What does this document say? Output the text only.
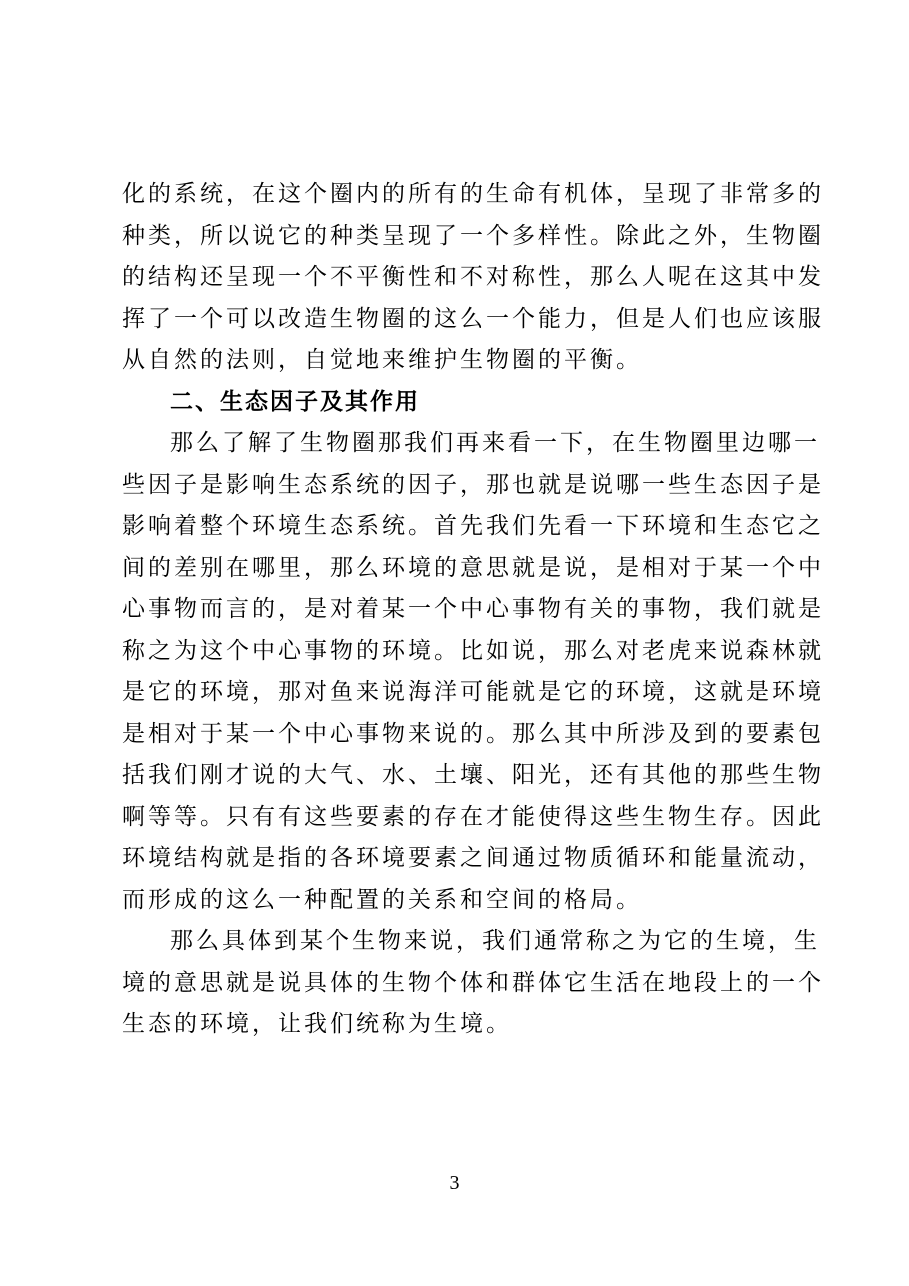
化的系统，在这个圈内的所有的生命有机体，呈现了非常多的
种类，所以说它的种类呈现了一个多样性。除此之外，生物圈
的结构还呈现一个不平衡性和不对称性，那么人呢在这其中发
挥了一个可以改造生物圈的这么一个能力，但是人们也应该服
从自然的法则，自觉地来维护生物圈的平衡。
二、生态因子及其作用
那么了解了生物圈那我们再来看一下，在生物圈里边哪一
些因子是影响生态系统的因子，那也就是说哪一些生态因子是
影响着整个环境生态系统。首先我们先看一下环境和生态它之
间的差别在哪里，那么环境的意思就是说，是相对于某一个中
心事物而言的，是对着某一个中心事物有关的事物，我们就是
称之为这个中心事物的环境。比如说，那么对老虎来说森林就
是它的环境，那对鱼来说海洋可能就是它的环境，这就是环境
是相对于某一个中心事物来说的。那么其中所涉及到的要素包
括我们刚才说的大气、水、土壤、阳光，还有其他的那些生物
啊等等。只有有这些要素的存在才能使得这些生物生存。因此
环境结构就是指的各环境要素之间通过物质循环和能量流动，
而形成的这么一种配置的关系和空间的格局。
那么具体到某个生物来说，我们通常称之为它的生境，生
境的意思就是说具体的生物个体和群体它生活在地段上的一个
生态的环境，让我们统称为生境。
3
